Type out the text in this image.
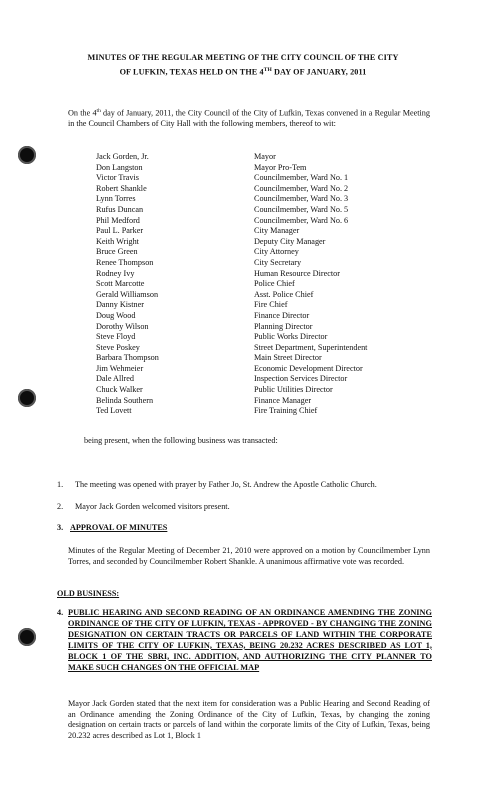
MINUTES OF THE REGULAR MEETING OF THE CITY COUNCIL OF THE CITY
OF LUFKIN, TEXAS HELD ON THE 4TH DAY OF JANUARY, 2011
On the 4th day of January, 2011, the City Council of the City of Lufkin, Texas convened in a Regular Meeting in the Council Chambers of City Hall with the following members, thereof to wit:
Jack Gorden, Jr.	Mayor
Don Langston	Mayor Pro-Tem
Victor Travis	Councilmember, Ward No. 1
Robert Shankle	Councilmember, Ward No. 2
Lynn Torres	Councilmember, Ward No. 3
Rufus Duncan	Councilmember, Ward No. 5
Phil Medford	Councilmember, Ward No. 6
Paul L. Parker	City Manager
Keith Wright	Deputy City Manager
Bruce Green	City Attorney
Renee Thompson	City Secretary
Rodney Ivy	Human Resource Director
Scott Marcotte	Police Chief
Gerald Williamson	Asst. Police Chief
Danny Kistner	Fire Chief
Doug Wood	Finance Director
Dorothy Wilson	Planning Director
Steve Floyd	Public Works Director
Steve Poskey	Street Department, Superintendent
Barbara Thompson	Main Street Director
Jim Wehmeier	Economic Development Director
Dale Allred	Inspection Services Director
Chuck Walker	Public Utilities Director
Belinda Southern	Finance Manager
Ted Lovett	Fire Training Chief
being present, when the following business was transacted:
1. The meeting was opened with prayer by Father Jo, St. Andrew the Apostle Catholic Church.
2. Mayor Jack Gorden welcomed visitors present.
3. APPROVAL OF MINUTES
Minutes of the Regular Meeting of December 21, 2010 were approved on a motion by Councilmember Lynn Torres, and seconded by Councilmember Robert Shankle. A unanimous affirmative vote was recorded.
OLD BUSINESS:
4. PUBLIC HEARING AND SECOND READING OF AN ORDINANCE AMENDING THE ZONING ORDINANCE OF THE CITY OF LUFKIN, TEXAS - APPROVED - BY CHANGING THE ZONING DESIGNATION ON CERTAIN TRACTS OR PARCELS OF LAND WITHIN THE CORPORATE LIMITS OF THE CITY OF LUFKIN, TEXAS, BEING 20.232 ACRES DESCRIBED AS LOT 1, BLOCK 1 OF THE SBRI, INC. ADDITION, AND AUTHORIZING THE CITY PLANNER TO MAKE SUCH CHANGES ON THE OFFICIAL MAP
Mayor Jack Gorden stated that the next item for consideration was a Public Hearing and Second Reading of an Ordinance amending the Zoning Ordinance of the City of Lufkin, Texas, by changing the zoning designation on certain tracts or parcels of land within the corporate limits of the City of Lufkin, Texas, being 20.232 acres described as Lot 1, Block 1
